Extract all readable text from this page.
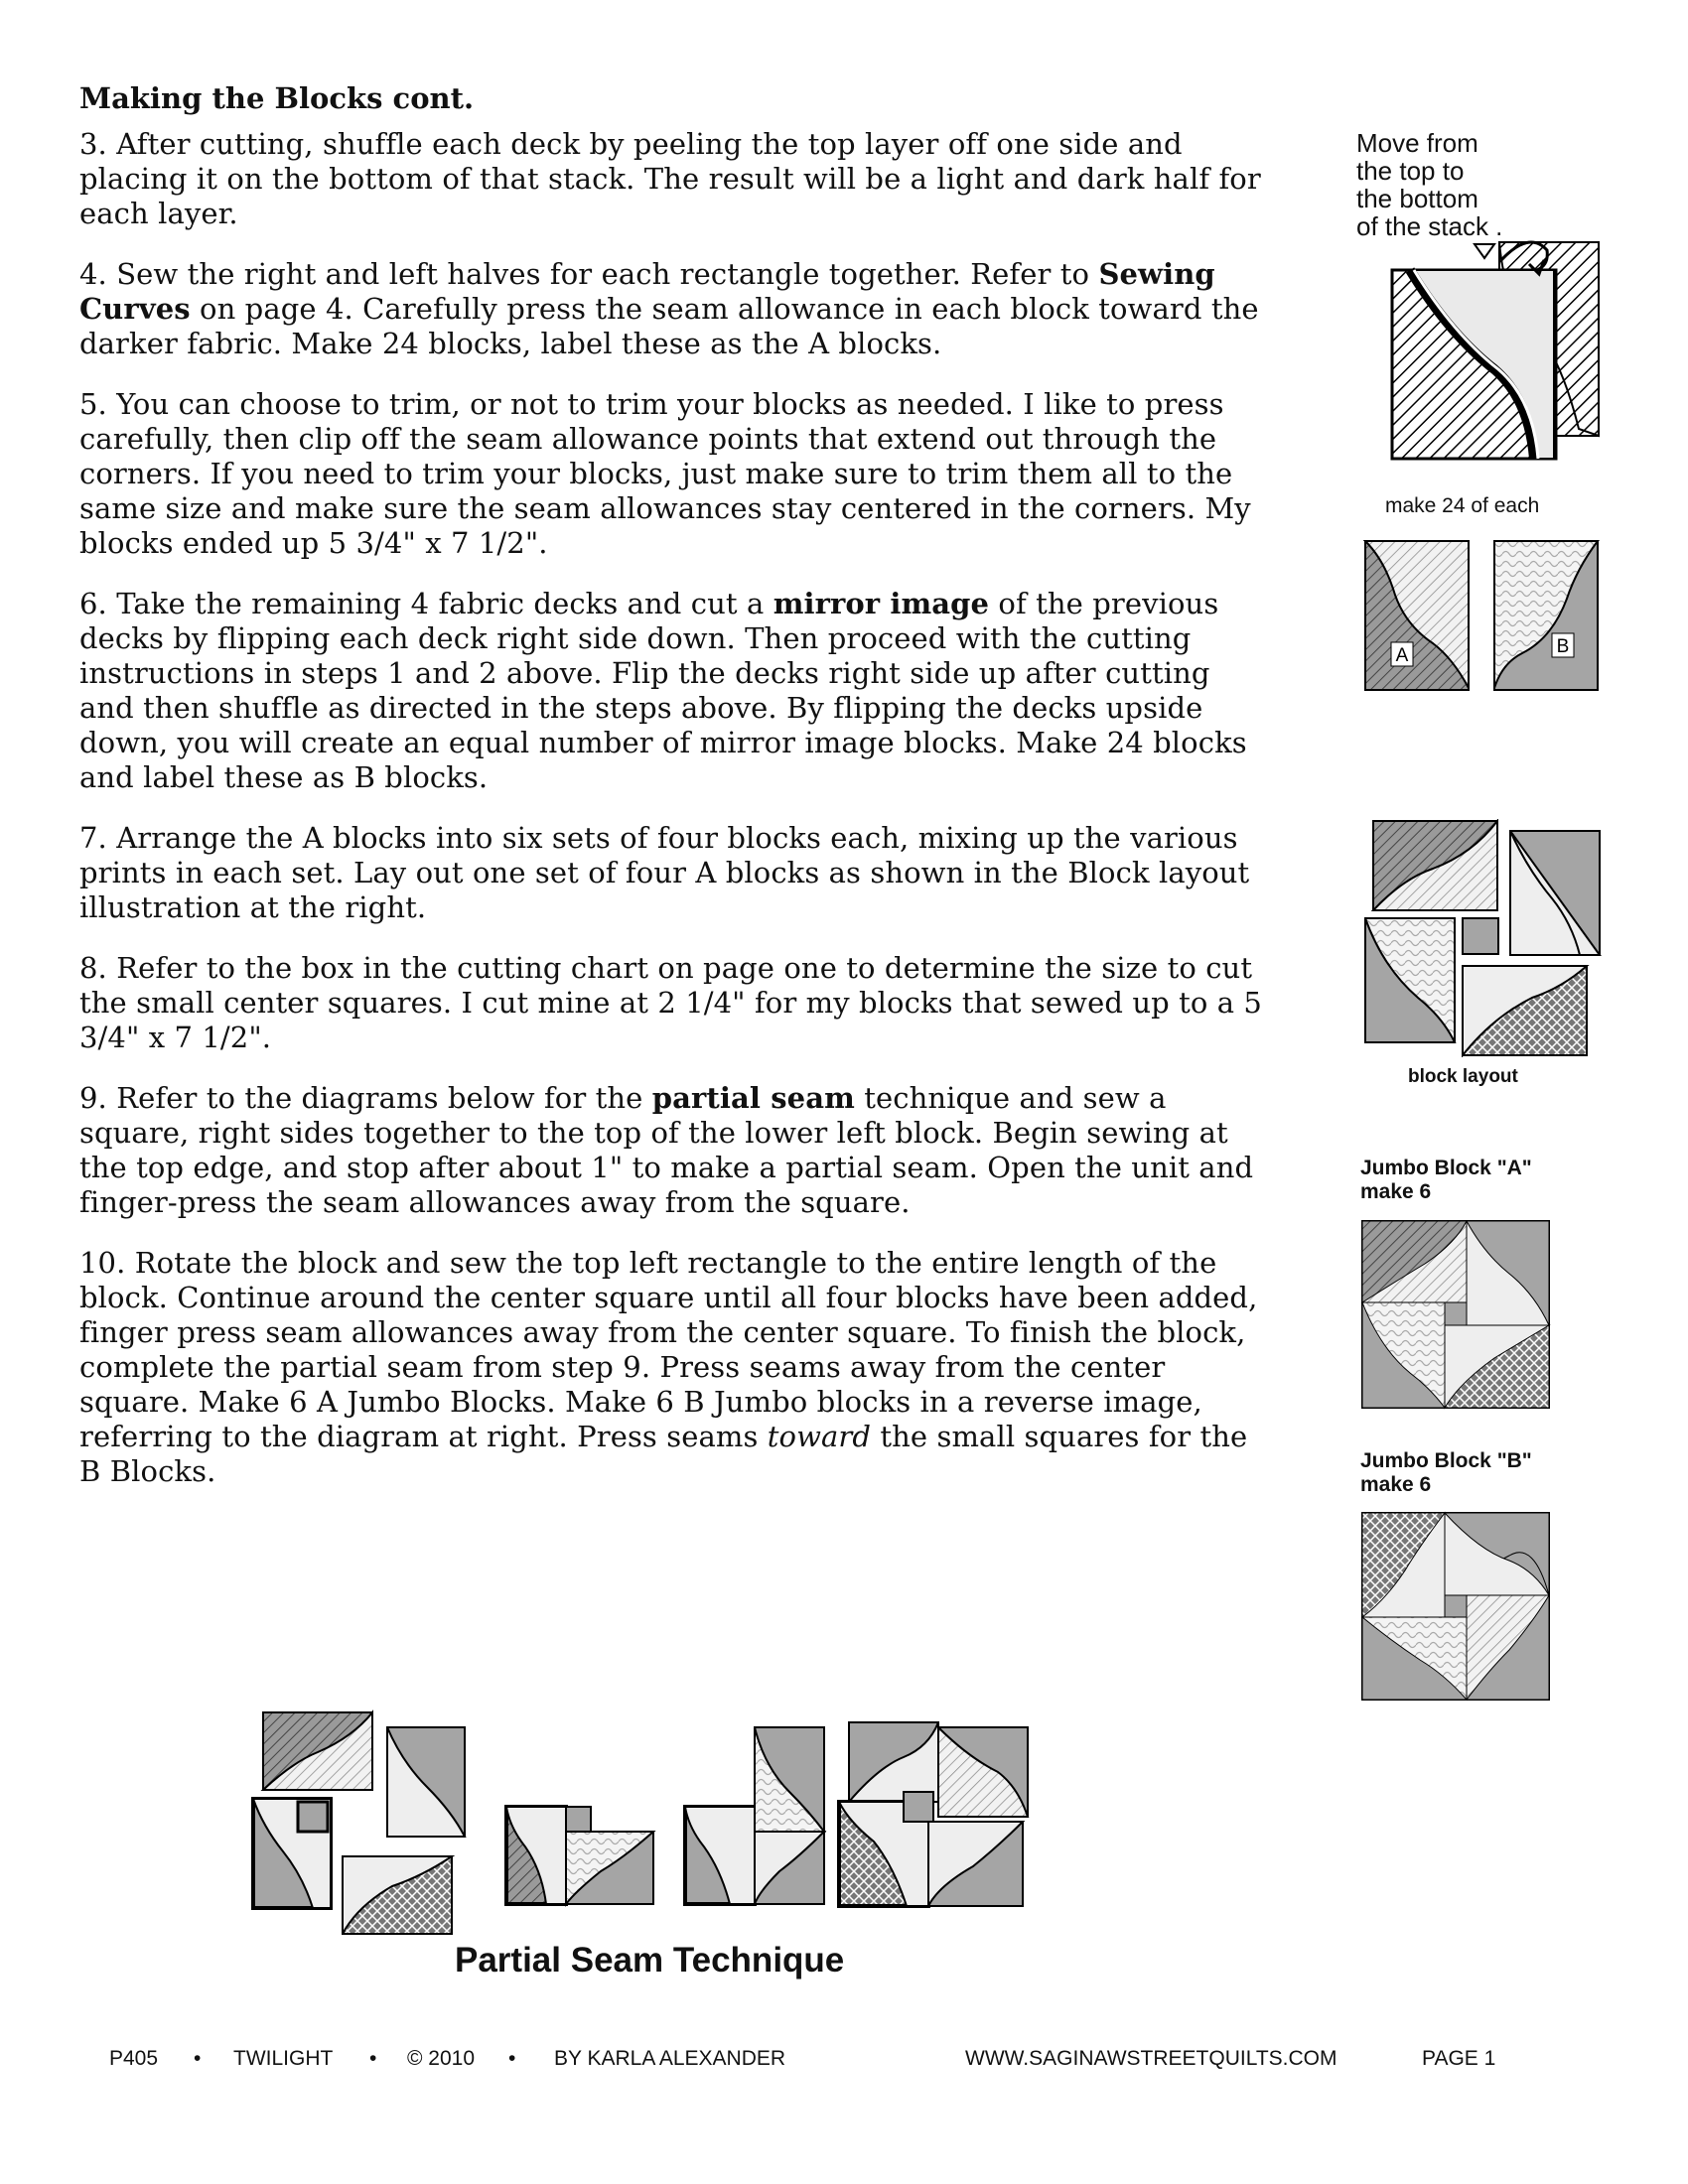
Making the Blocks cont.

3. After cutting, shuffle each deck by peeling the top layer off one side and placing it on the bottom of that stack. The result will be a light and dark half for each layer.

4. Sew the right and left halves for each rectangle together. Refer to Sewing Curves on page 4. Carefully press the seam allowance in each block toward the darker fabric. Make 24 blocks, label these as the A blocks.

5. You can choose to trim, or not to trim your blocks as needed. I like to press carefully, then clip off the seam allowance points that extend out through the corners. If you need to trim your blocks, just make sure to trim them all to the same size and make sure the seam allowances stay centered in the corners. My blocks ended up 5 3/4" x 7 1/2".

6. Take the remaining 4 fabric decks and cut a mirror image of the previous decks by flipping each deck right side down. Then proceed with the cutting instructions in steps 1 and 2 above. Flip the decks right side up after cutting and then shuffle as directed in the steps above. By flipping the decks upside down, you will create an equal number of mirror image blocks. Make 24 blocks and label these as B blocks.

7. Arrange the A blocks into six sets of four blocks each, mixing up the various prints in each set. Lay out one set of four A blocks as shown in the Block layout illustration at the right.

8. Refer to the box in the cutting chart on page one to determine the size to cut the small center squares. I cut mine at 2 1/4" for my blocks that sewed up to a 5 3/4" x 7 1/2".

9. Refer to the diagrams below for the partial seam technique and sew a square, right sides together to the top of the lower left block. Begin sewing at the top edge, and stop after about 1" to make a partial seam. Open the unit and finger-press the seam allowances away from the square.

10. Rotate the block and sew the top left rectangle to the entire length of the block. Continue around the center square until all four blocks have been added, finger press seam allowances away from the center square. To finish the block, complete the partial seam from step 9. Press seams away from the center square. Make 6 A Jumbo Blocks. Make 6 B Jumbo blocks in a reverse image, referring to the diagram at right. Press seams toward the small squares for the B Blocks.

Move from
the top to
the bottom
of the stack .
make 24 of each
A	B
block layout
Jumbo Block "A"
make 6
Jumbo Block "B"
make 6
Partial Seam Technique
P405 • TWILIGHT • © 2010 • BY KARLA ALEXANDER	WWW.SAGINAWSTREETQUILTS.COM	PAGE 1
